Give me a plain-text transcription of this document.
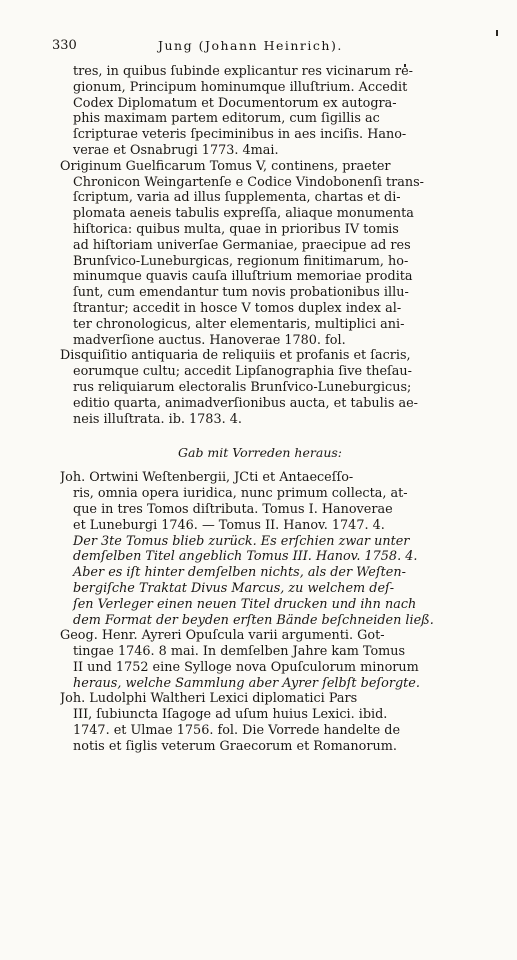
330	Jung (Johann Heinrich).
tres, in quibus ſubinde explicantur res vicinarum re-
gionum, Principum hominumque illuſtrium. Accedit
Codex Diplomatum et Documentorum ex autogra-
phis maximam partem editorum, cum ſigillis ac
ſcripturae veteris ſpeciminibus in aes inciſis. Hano-
verae et Osnabrugi 1773. 4mai.
Originum Guelficarum Tomus V, continens, praeter
Chronicon Weingartenſe e Codice Vindobonenſi trans-
ſcriptum, varia ad illus ſupplementa, chartas et di-
plomata aeneis tabulis expreſſa, aliaque monumenta
hiſtorica: quibus multa, quae in prioribus IV tomis
ad hiſtoriam univerſae Germaniae, praecipue ad res
Brunſvico-Luneburgicas, regionum finitimarum, ho-
minumque quavis cauſa illuſtrium memoriae prodita
ſunt, cum emendantur tum novis probationibus illu-
ſtrantur; accedit in hosce V tomos duplex index al-
ter chronologicus, alter elementaris, multiplici ani-
madverſione auctus. Hanoverae 1780. fol.
Disquiſitio antiquaria de reliquiis et profanis et ſacris,
eorumque cultu; accedit Lipſanographia ſive theſau-
rus reliquiarum electoralis Brunſvico-Luneburgicus;
editio quarta, animadverſionibus aucta, et tabulis ae-
neis illuſtrata. ib. 1783. 4.
Gab mit Vorreden heraus:
Joh. Ortwini Weſtenbergii, JCti et Antaeceſſo-
ris, omnia opera iuridica, nunc primum collecta, at-
que in tres Tomos diſtributa. Tomus I. Hanoverae
et Luneburgi 1746. — Tomus II. Hanov. 1747. 4.
Der 3te Tomus blieb zurück. Es erſchien zwar unter
demſelben Titel angeblich Tomus III. Hanov. 1758. 4.
Aber es iſt hinter demſelben nichts, als der Weſten-
bergiſche Traktat Divus Marcus, zu welchem deſ-
ſen Verleger einen neuen Titel drucken und ihn nach
dem Format der beyden erſten Bände beſchneiden ließ.
Geog. Henr. Ayreri Opuſcula varii argumenti. Got-
tingae 1746. 8 mai. In demſelben Jahre kam Tomus
II und 1752 eine Sylloge nova Opuſculorum minorum
heraus, welche Sammlung aber Ayrer ſelbſt beſorgte.
Joh. Ludolphi Waltheri Lexici diplomatici Pars
III, ſubiuncta Iſagoge ad uſum huius Lexici. ibid.
1747. et Ulmae 1756. fol. Die Vorrede handelte de
notis et ſiglis veterum Graecorum et Romanorum.
